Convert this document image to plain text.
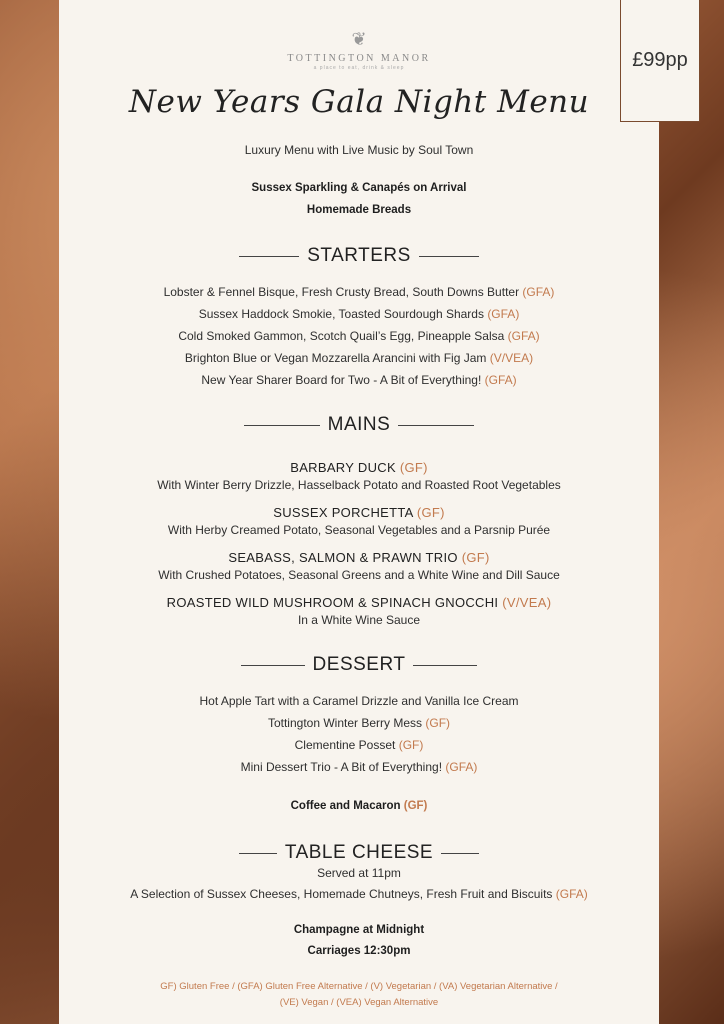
£99pp
❦
TOTTINGTON MANOR
a place to eat, drink & sleep
New Years Gala Night Menu
Luxury Menu with Live Music by Soul Town
Sussex Sparkling & Canapés on Arrival
Homemade Breads
STARTERS
Lobster & Fennel Bisque, Fresh Crusty Bread, South Downs Butter (GFA)
Sussex Haddock Smokie, Toasted Sourdough Shards (GFA)
Cold Smoked Gammon, Scotch Quail’s Egg, Pineapple Salsa (GFA)
Brighton Blue or Vegan Mozzarella Arancini with Fig Jam (V/VEA)
New Year Sharer Board for Two - A Bit of Everything! (GFA)
MAINS
BARBARY DUCK (GF)
With Winter Berry Drizzle, Hasselback Potato and Roasted Root Vegetables
SUSSEX PORCHETTA (GF)
With Herby Creamed Potato, Seasonal Vegetables and a Parsnip Purée
SEABASS, SALMON & PRAWN TRIO (GF)
With Crushed Potatoes, Seasonal Greens and a White Wine and Dill Sauce
ROASTED WILD MUSHROOM & SPINACH GNOCCHI (V/VEA)
In a White Wine Sauce
DESSERT
Hot Apple Tart with a Caramel Drizzle and Vanilla Ice Cream
Tottington Winter Berry Mess (GF)
Clementine Posset (GF)
Mini Dessert Trio - A Bit of Everything! (GFA)
Coffee and Macaron (GF)
TABLE CHEESE
Served at 11pm
A Selection of Sussex Cheeses, Homemade Chutneys, Fresh Fruit and Biscuits (GFA)
Champagne at Midnight
Carriages 12:30pm
GF) Gluten Free / (GFA) Gluten Free Alternative / (V) Vegetarian / (VA) Vegetarian Alternative /
(VE) Vegan / (VEA) Vegan Alternative
